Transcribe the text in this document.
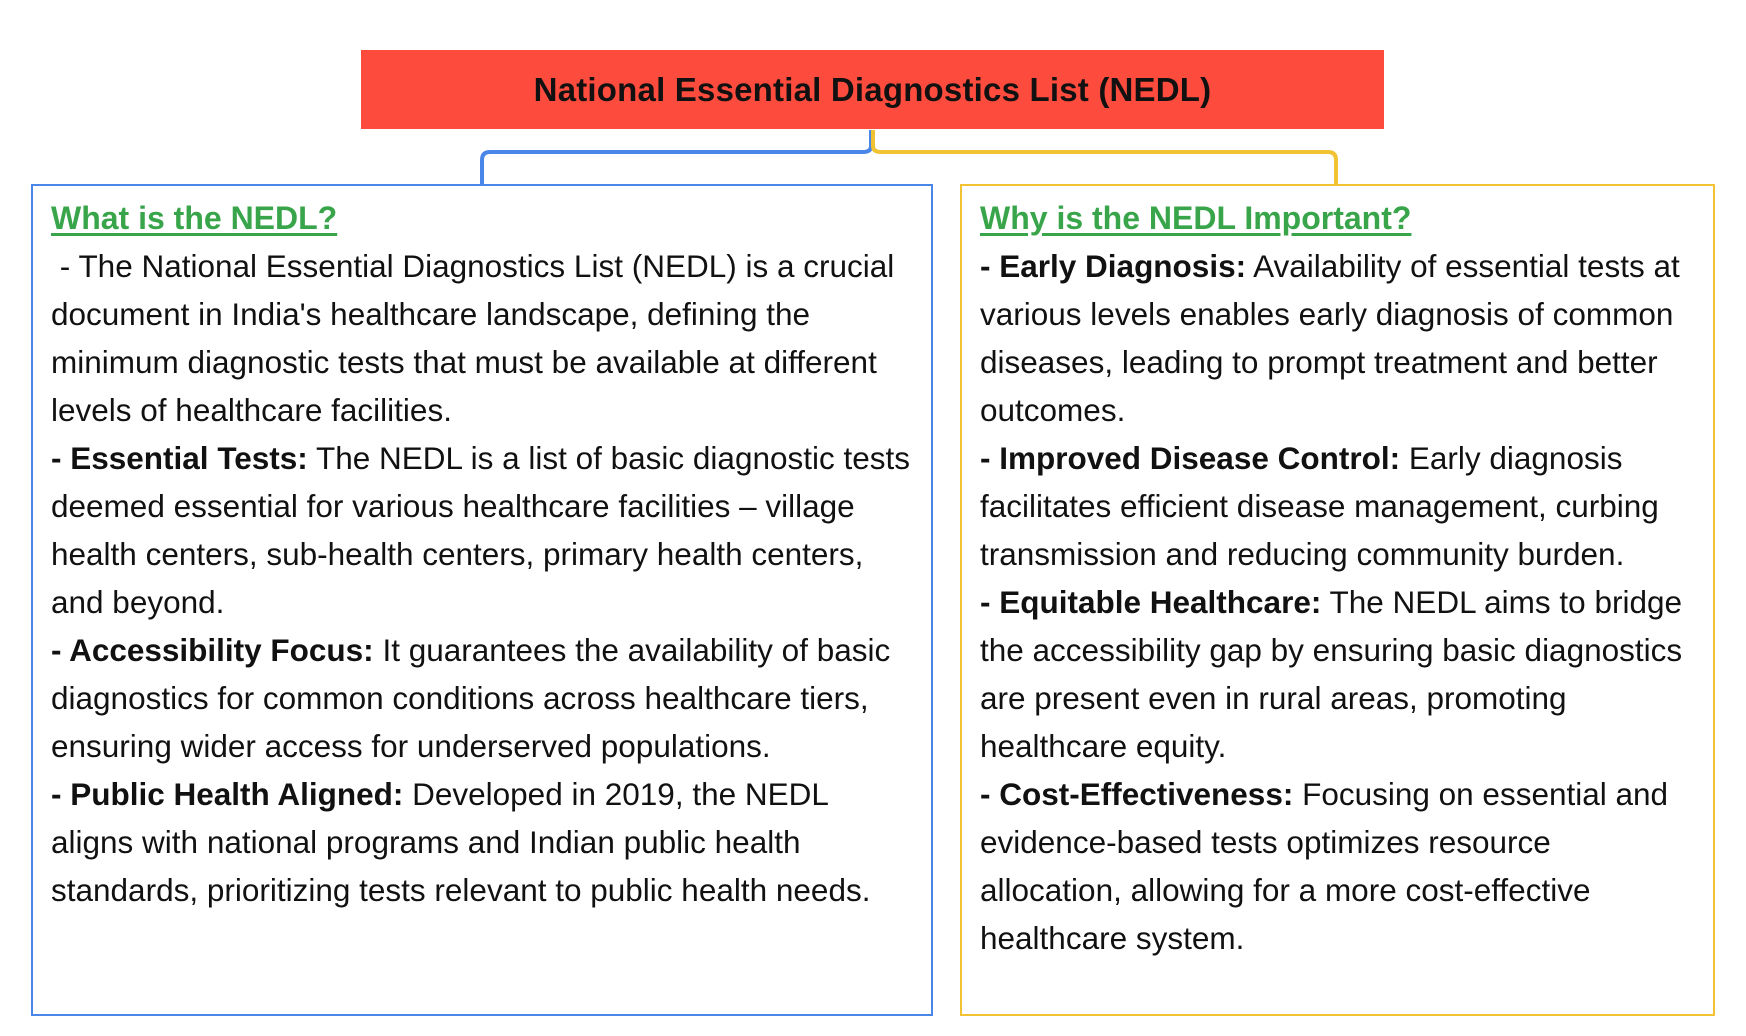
National Essential Diagnostics List (NEDL)
What is the NEDL?

- The National Essential Diagnostics List (NEDL) is a crucial document in India's healthcare landscape, defining the minimum diagnostic tests that must be available at different levels of healthcare facilities.

- Essential Tests: The NEDL is a list of basic diagnostic tests deemed essential for various healthcare facilities – village health centers, sub-health centers, primary health centers, and beyond.

- Accessibility Focus: It guarantees the availability of basic diagnostics for common conditions across healthcare tiers, ensuring wider access for underserved populations.

- Public Health Aligned: Developed in 2019, the NEDL aligns with national programs and Indian public health standards, prioritizing tests relevant to public health needs.

Why is the NEDL Important?

- Early Diagnosis: Availability of essential tests at various levels enables early diagnosis of common diseases, leading to prompt treatment and better outcomes.

- Improved Disease Control: Early diagnosis facilitates efficient disease management, curbing transmission and reducing community burden.

- Equitable Healthcare: The NEDL aims to bridge the accessibility gap by ensuring basic diagnostics are present even in rural areas, promoting healthcare equity.

- Cost-Effectiveness: Focusing on essential and evidence-based tests optimizes resource allocation, allowing for a more cost-effective healthcare system.
